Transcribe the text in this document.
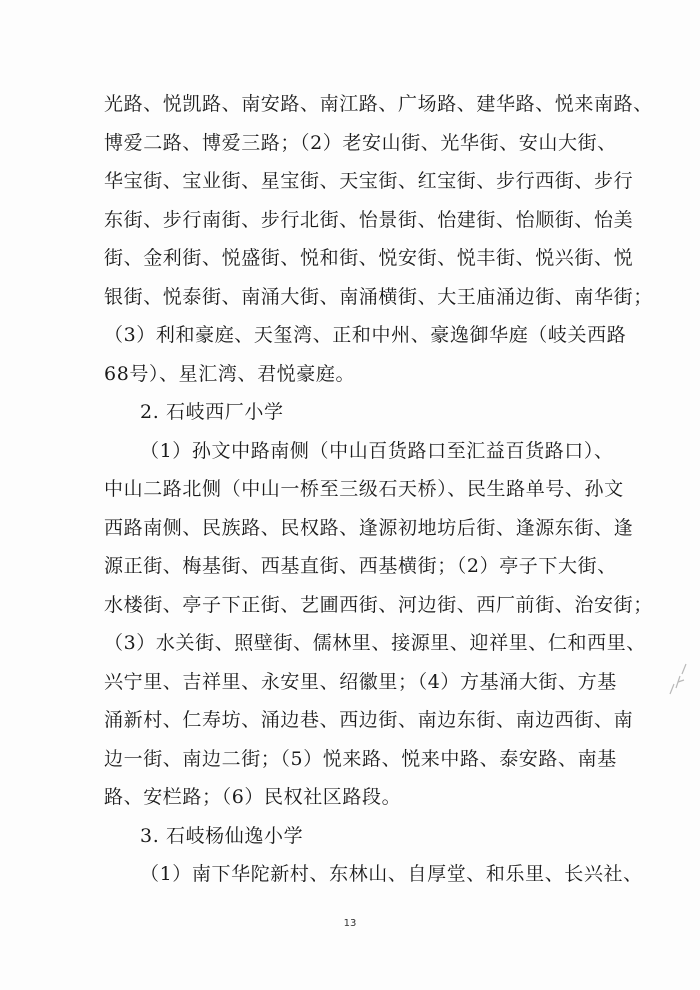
光路、悦凯路、南安路、南江路、广场路、建华路、悦来南路、
博爱二路、博爱三路；（2）老安山街、光华街、安山大街、
华宝街、宝业街、星宝街、天宝街、红宝街、步行西街、步行
东街、步行南街、步行北街、怡景街、怡建街、怡顺街、怡美
街、金利街、悦盛街、悦和街、悦安街、悦丰街、悦兴街、悦
银街、悦泰街、南涌大街、南涌横街、大王庙涌边街、南华街；
（3）利和豪庭、天玺湾、正和中州、豪逸御华庭（岐关西路
68号）、星汇湾、君悦豪庭。
2. 石岐西厂小学
（1）孙文中路南侧（中山百货路口至汇益百货路口）、
中山二路北侧（中山一桥至三级石天桥）、民生路单号、孙文
西路南侧、民族路、民权路、逢源初地坊后街、逢源东街、逢
源正街、梅基街、西基直街、西基横街；（2）亭子下大街、
水楼街、亭子下正街、艺圃西街、河边街、西厂前街、治安街；
（3）水关街、照壁街、儒林里、接源里、迎祥里、仁和西里、
兴宁里、吉祥里、永安里、绍徽里；（4）方基涌大街、方基
涌新村、仁寿坊、涌边巷、西边街、南边东街、南边西街、南
边一街、南边二街；（5）悦来路、悦来中路、泰安路、南基
路、安栏路；（6）民权社区路段。
3. 石岐杨仙逸小学
（1）南下华陀新村、东林山、自厚堂、和乐里、长兴社、
13
